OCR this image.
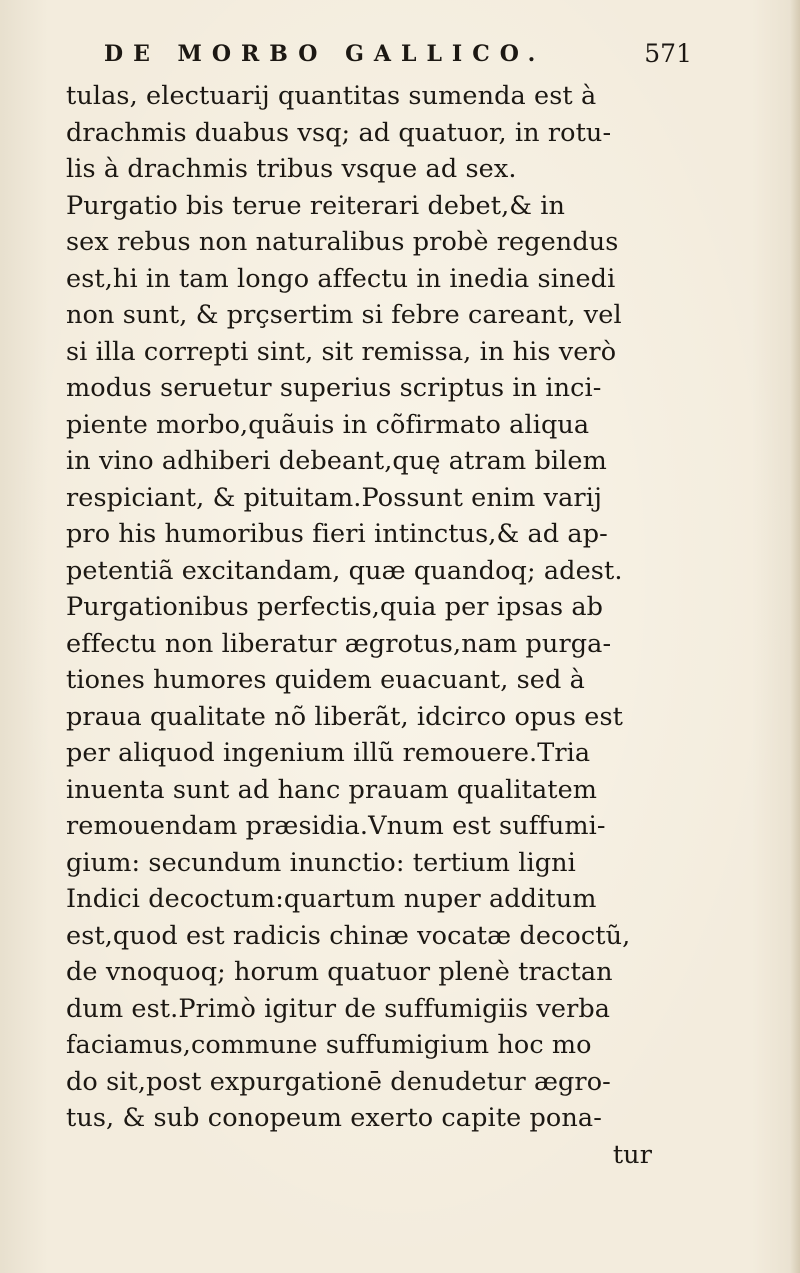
DE MORBO GALLICO.	571
tulas, electuarij quantitas sumenda est à
drachmis duabus vsq; ad quatuor, in rotu-
lis à drachmis tribus vsque ad sex.
Purgatio bis terue reiterari debet,& in
sex rebus non naturalibus probè regendus
est,hi in tam longo affectu in inedia sinedi
non sunt, & prçsertim si febre careant, vel
si illa correpti sint, sit remissa, in his verò
modus seruetur superius scriptus in inci-
piente morbo,quãuis in cõfirmato aliqua
in vino adhiberi debeant,quę atram bilem
respiciant, & pituitam.Possunt enim varij
pro his humoribus fieri intinctus,& ad ap-
petentiã excitandam, quæ quandoq; adest.
Purgationibus perfectis,quia per ipsas ab
effectu non liberatur ægrotus,nam purga-
tiones humores quidem euacuant, sed à
praua qualitate nõ liberãt, idcirco opus est
per aliquod ingenium illũ remouere.Tria
inuenta sunt ad hanc prauam qualitatem
remouendam præsidia.Vnum est suffumi-
gium: secundum inunctio: tertium ligni
Indici decoctum:quartum nuper additum
est,quod est radicis chinæ vocatæ decoctũ,
de vnoquoq; horum quatuor plenè tractan
dum est.Primò igitur de suffumigiis verba
faciamus,commune suffumigium hoc mo
do sit,post expurgationē denudetur ægro-
tus, & sub conopeum exerto capite pona-
tur
